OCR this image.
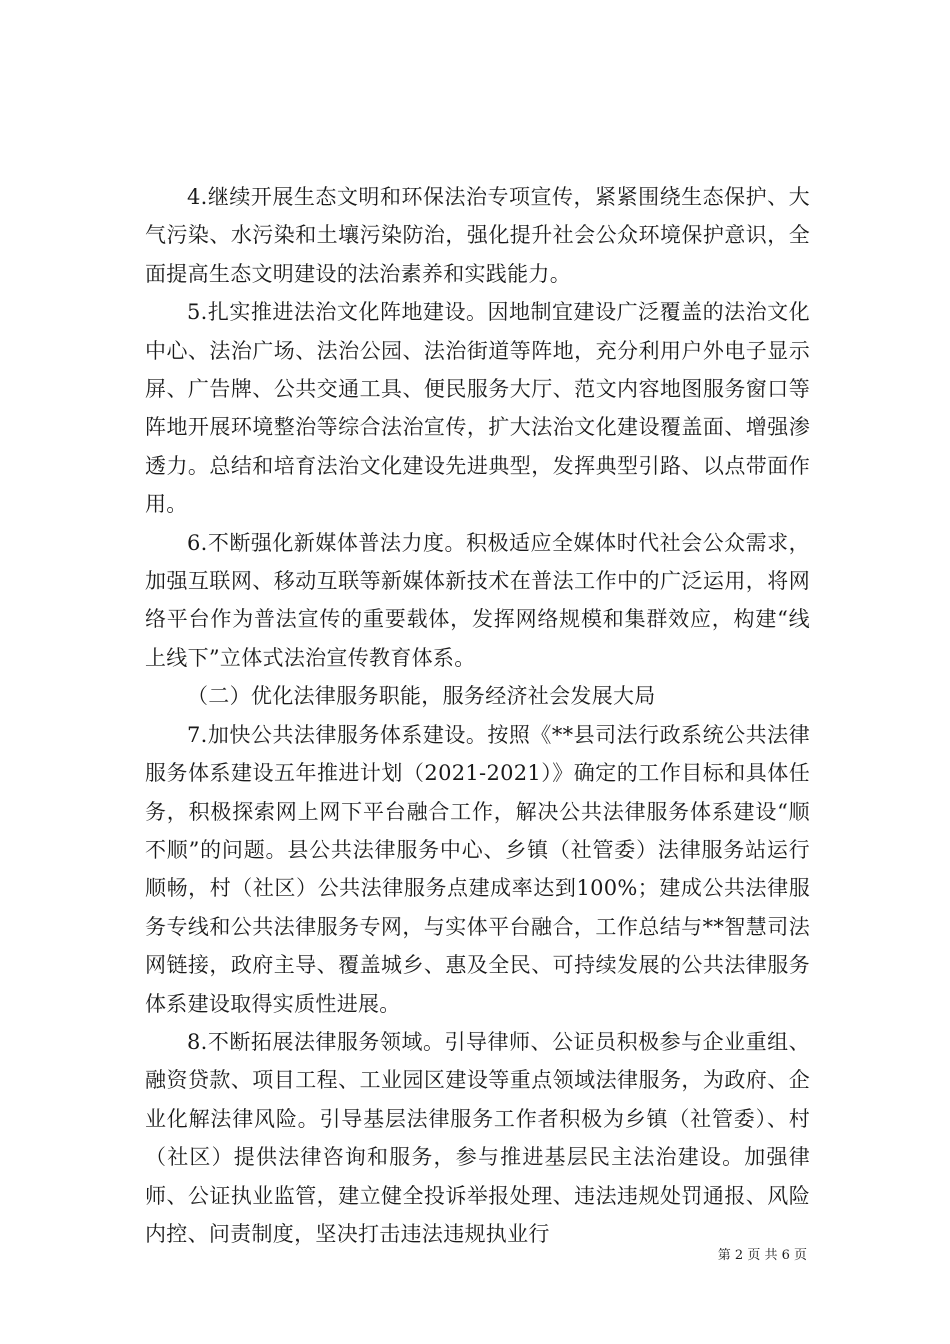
4.继续开展生态文明和环保法治专项宣传，紧紧围绕生态保护、大气污染、水污染和土壤污染防治，强化提升社会公众环境保护意识，全面提高生态文明建设的法治素养和实践能力。

5.扎实推进法治文化阵地建设。因地制宜建设广泛覆盖的法治文化中心、法治广场、法治公园、法治街道等阵地，充分利用户外电子显示屏、广告牌、公共交通工具、便民服务大厅、范文内容地图服务窗口等阵地开展环境整治等综合法治宣传，扩大法治文化建设覆盖面、增强渗透力。总结和培育法治文化建设先进典型，发挥典型引路、以点带面作用。

6.不断强化新媒体普法力度。积极适应全媒体时代社会公众需求，加强互联网、移动互联等新媒体新技术在普法工作中的广泛运用，将网络平台作为普法宣传的重要载体，发挥网络规模和集群效应，构建“线上线下”立体式法治宣传教育体系。

（二）优化法律服务职能，服务经济社会发展大局

7.加快公共法律服务体系建设。按照《**县司法行政系统公共法律服务体系建设五年推进计划（2021-2021）》确定的工作目标和具体任务，积极探索网上网下平台融合工作，解决公共法律服务体系建设“顺不顺”的问题。县公共法律服务中心、乡镇（社管委）法律服务站运行顺畅，村（社区）公共法律服务点建成率达到100%；建成公共法律服务专线和公共法律服务专网，与实体平台融合，工作总结与**智慧司法网链接，政府主导、覆盖城乡、惠及全民、可持续发展的公共法律服务体系建设取得实质性进展。

8.不断拓展法律服务领域。引导律师、公证员积极参与企业重组、融资贷款、项目工程、工业园区建设等重点领域法律服务，为政府、企业化解法律风险。引导基层法律服务工作者积极为乡镇（社管委）、村（社区）提供法律咨询和服务，参与推进基层民主法治建设。加强律师、公证执业监管，建立健全投诉举报处理、违法违规处罚通报、风险内控、问责制度，坚决打击违法违规执业行

第 2 页 共 6 页
